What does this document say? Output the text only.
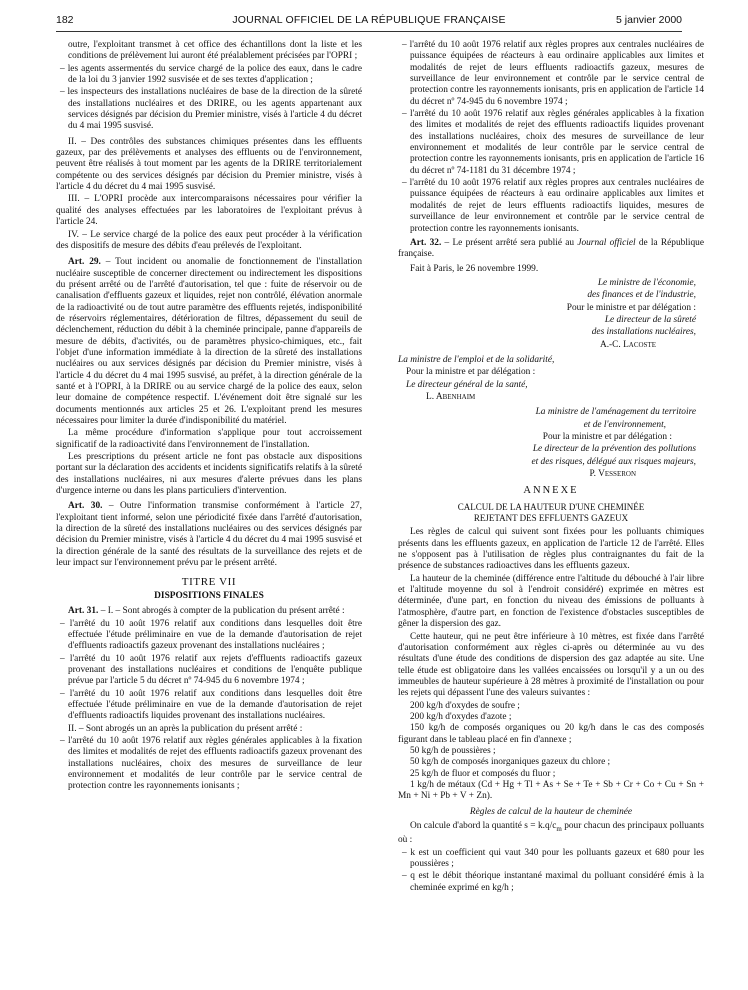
182	JOURNAL OFFICIEL DE LA RÉPUBLIQUE FRANÇAISE	5 janvier 2000

outre, l'exploitant transmet à cet office des échantillons dont la liste et les conditions de prélèvement lui auront été préalablement précisées par l'OPRI ;

– les agents assermentés du service chargé de la police des eaux, dans le cadre de la loi du 3 janvier 1992 susvisée et de ses textes d'application ;

– les inspecteurs des installations nucléaires de base de la direction de la sûreté des installations nucléaires et des DRIRE, ou les agents appartenant aux services désignés par décision du Premier ministre, visés à l'article 4 du décret du 4 mai 1995 susvisé.

II. – Des contrôles des substances chimiques présentes dans les effluents gazeux, par des prélèvements et analyses des effluents ou de l'environnement, peuvent être réalisés à tout moment par les agents de la DRIRE territorialement compétente ou des services désignés par décision du Premier ministre, visés à l'article 4 du décret du 4 mai 1995 susvisé.

III. – L'OPRI procède aux intercomparaisons nécessaires pour vérifier la qualité des analyses effectuées par les laboratoires de l'exploitant prévus à l'article 24.

IV. – Le service chargé de la police des eaux peut procéder à la vérification des dispositifs de mesure des débits d'eau prélevés de l'exploitant.

Art. 29. – Tout incident ou anomalie de fonctionnement de l'installation nucléaire susceptible de concerner directement ou indirectement les dispositions du présent arrêté ou de l'arrêté d'autorisation, tel que : fuite de réservoir ou de canalisation d'effluents gazeux et liquides, rejet non contrôlé, élévation anormale de la radioactivité ou de tout autre paramètre des effluents rejetés, indisponibilité de réservoirs réglementaires, détérioration de filtres, dépassement du seuil de déclenchement, réduction du débit à la cheminée principale, panne d'appareils de mesure de débits, d'activités, ou de paramètres physico-chimiques, etc., fait l'objet d'une information immédiate à la direction de la sûreté des installations nucléaires ou aux services désignés par décision du Premier ministre, visés à l'article 4 du décret du 4 mai 1995 susvisé, au préfet, à la direction générale de la santé et à l'OPRI, à la DRIRE ou au service chargé de la police des eaux, selon leur domaine de compétence respectif. L'événement doit être signalé sur les documents mentionnés aux articles 25 et 26. L'exploitant prend les mesures nécessaires pour limiter la durée d'indisponibilité du matériel.

La même procédure d'information s'applique pour tout accroissement significatif de la radioactivité dans l'environnement de l'installation.

Les prescriptions du présent article ne font pas obstacle aux dispositions portant sur la déclaration des accidents et incidents significatifs relatifs à la sûreté des installations nucléaires, ni aux mesures d'alerte prévues dans les plans d'urgence interne ou dans les plans particuliers d'intervention.

Art. 30. – Outre l'information transmise conformément à l'article 27, l'exploitant tient informé, selon une périodicité fixée dans l'arrêté d'autorisation, la direction de la sûreté des installations nucléaires ou des services désignés par décision du Premier ministre, visés à l'article 4 du décret du 4 mai 1995 susvisé et la direction générale de la santé des résultats de la surveillance des rejets et de leur impact sur l'environnement prévu par le présent arrêté.

TITRE VII
DISPOSITIONS FINALES

Art. 31. – I. – Sont abrogés à compter de la publication du présent arrêté :

– l'arrêté du 10 août 1976 relatif aux conditions dans lesquelles doit être effectuée l'étude préliminaire en vue de la demande d'autorisation de rejet d'effluents radioactifs gazeux provenant des installations nucléaires ;

– l'arrêté du 10 août 1976 relatif aux rejets d'effluents radioactifs gazeux provenant des installations nucléaires et conditions de l'enquête publique prévue par l'article 5 du décret nº 74-945 du 6 novembre 1974 ;

– l'arrêté du 10 août 1976 relatif aux conditions dans lesquelles doit être effectuée l'étude préliminaire en vue de la demande d'autorisation de rejet d'effluents radioactifs liquides provenant des installations nucléaires.

II. – Sont abrogés un an après la publication du présent arrêté :

– l'arrêté du 10 août 1976 relatif aux règles générales applicables à la fixation des limites et modalités de rejet des effluents radioactifs gazeux provenant des installations nucléaires, choix des mesures de surveillance de leur environnement et modalités de leur contrôle par le service central de protection contre les rayonnements ionisants ;

– l'arrêté du 10 août 1976 relatif aux règles propres aux centrales nucléaires de puissance équipées de réacteurs à eau ordinaire applicables aux limites et modalités de rejet de leurs effluents radioactifs gazeux, mesures de surveillance de leur environnement et contrôle par le service central de protection contre les rayonnements ionisants, pris en application de l'article 14 du décret nº 74-945 du 6 novembre 1974 ;

– l'arrêté du 10 août 1976 relatif aux règles générales applicables à la fixation des limites et modalités de rejet des effluents radioactifs liquides provenant des installations nucléaires, choix des mesures de surveillance de leur environnement et modalités de leur contrôle par le service central de protection contre les rayonnements ionisants, pris en application de l'article 16 du décret nº 74-1181 du 31 décembre 1974 ;

– l'arrêté du 10 août 1976 relatif aux règles propres aux centrales nucléaires de puissance équipées de réacteurs à eau ordinaire applicables aux limites et modalités de rejet de leurs effluents radioactifs liquides, mesures de surveillance de leur environnement et contrôle par le service central de protection contre les rayonnements ionisants.

Art. 32. – Le présent arrêté sera publié au Journal officiel de la République française.

Fait à Paris, le 26 novembre 1999.

Le ministre de l'économie,

des finances et de l'industrie,

Pour le ministre et par délégation :

Le directeur de la sûreté

des installations nucléaires,

A.-C. Lacoste

La ministre de l'emploi et de la solidarité,

Pour la ministre et par délégation :

Le directeur général de la santé,

L. Abenhaim

La ministre de l'aménagement du territoire

et de l'environnement,

Pour la ministre et par délégation :

Le directeur de la prévention des pollutions

et des risques, délégué aux risques majeurs,

P. Vesseron

ANNEXE
CALCUL DE LA HAUTEUR D'UNE CHEMINÉE
REJETANT DES EFFLUENTS GAZEUX

Les règles de calcul qui suivent sont fixées pour les polluants chimiques présents dans les effluents gazeux, en application de l'article 12 de l'arrêté. Elles ne s'opposent pas à l'utilisation de règles plus contraignantes du fait de la présence de substances radioactives dans les effluents gazeux.

La hauteur de la cheminée (différence entre l'altitude du débouché à l'air libre et l'altitude moyenne du sol à l'endroit considéré) exprimée en mètres est déterminée, d'une part, en fonction du niveau des émissions de polluants à l'atmosphère, d'autre part, en fonction de l'existence d'obstacles susceptibles de gêner la dispersion des gaz.

Cette hauteur, qui ne peut être inférieure à 10 mètres, est fixée dans l'arrêté d'autorisation conformément aux règles ci-après ou déterminée au vu des résultats d'une étude des conditions de dispersion des gaz adaptée au site. Une telle étude est obligatoire dans les vallées encaissées ou lorsqu'il y a un ou des immeubles de hauteur supérieure à 28 mètres à proximité de l'installation ou pour les rejets qui dépassent l'une des valeurs suivantes :

200 kg/h d'oxydes de soufre ;

200 kg/h d'oxydes d'azote ;

150 kg/h de composés organiques ou 20 kg/h dans le cas des composés figurant dans le tableau placé en fin d'annexe ;

50 kg/h de poussières ;

50 kg/h de composés inorganiques gazeux du chlore ;

25 kg/h de fluor et composés du fluor ;

1 kg/h de métaux (Cd + Hg + Tl + As + Se + Te + Sb + Cr + Co + Cu + Sn + Mn + Ni + Pb + V + Zn).

Règles de calcul de la hauteur de cheminée

On calcule d'abord la quantité $s = k.q/c_m$ pour chacun des principaux polluants où :

– k est un coefficient qui vaut 340 pour les polluants gazeux et 680 pour les poussières ;

– q est le débit théorique instantané maximal du polluant considéré émis à la cheminée exprimé en kg/h ;
